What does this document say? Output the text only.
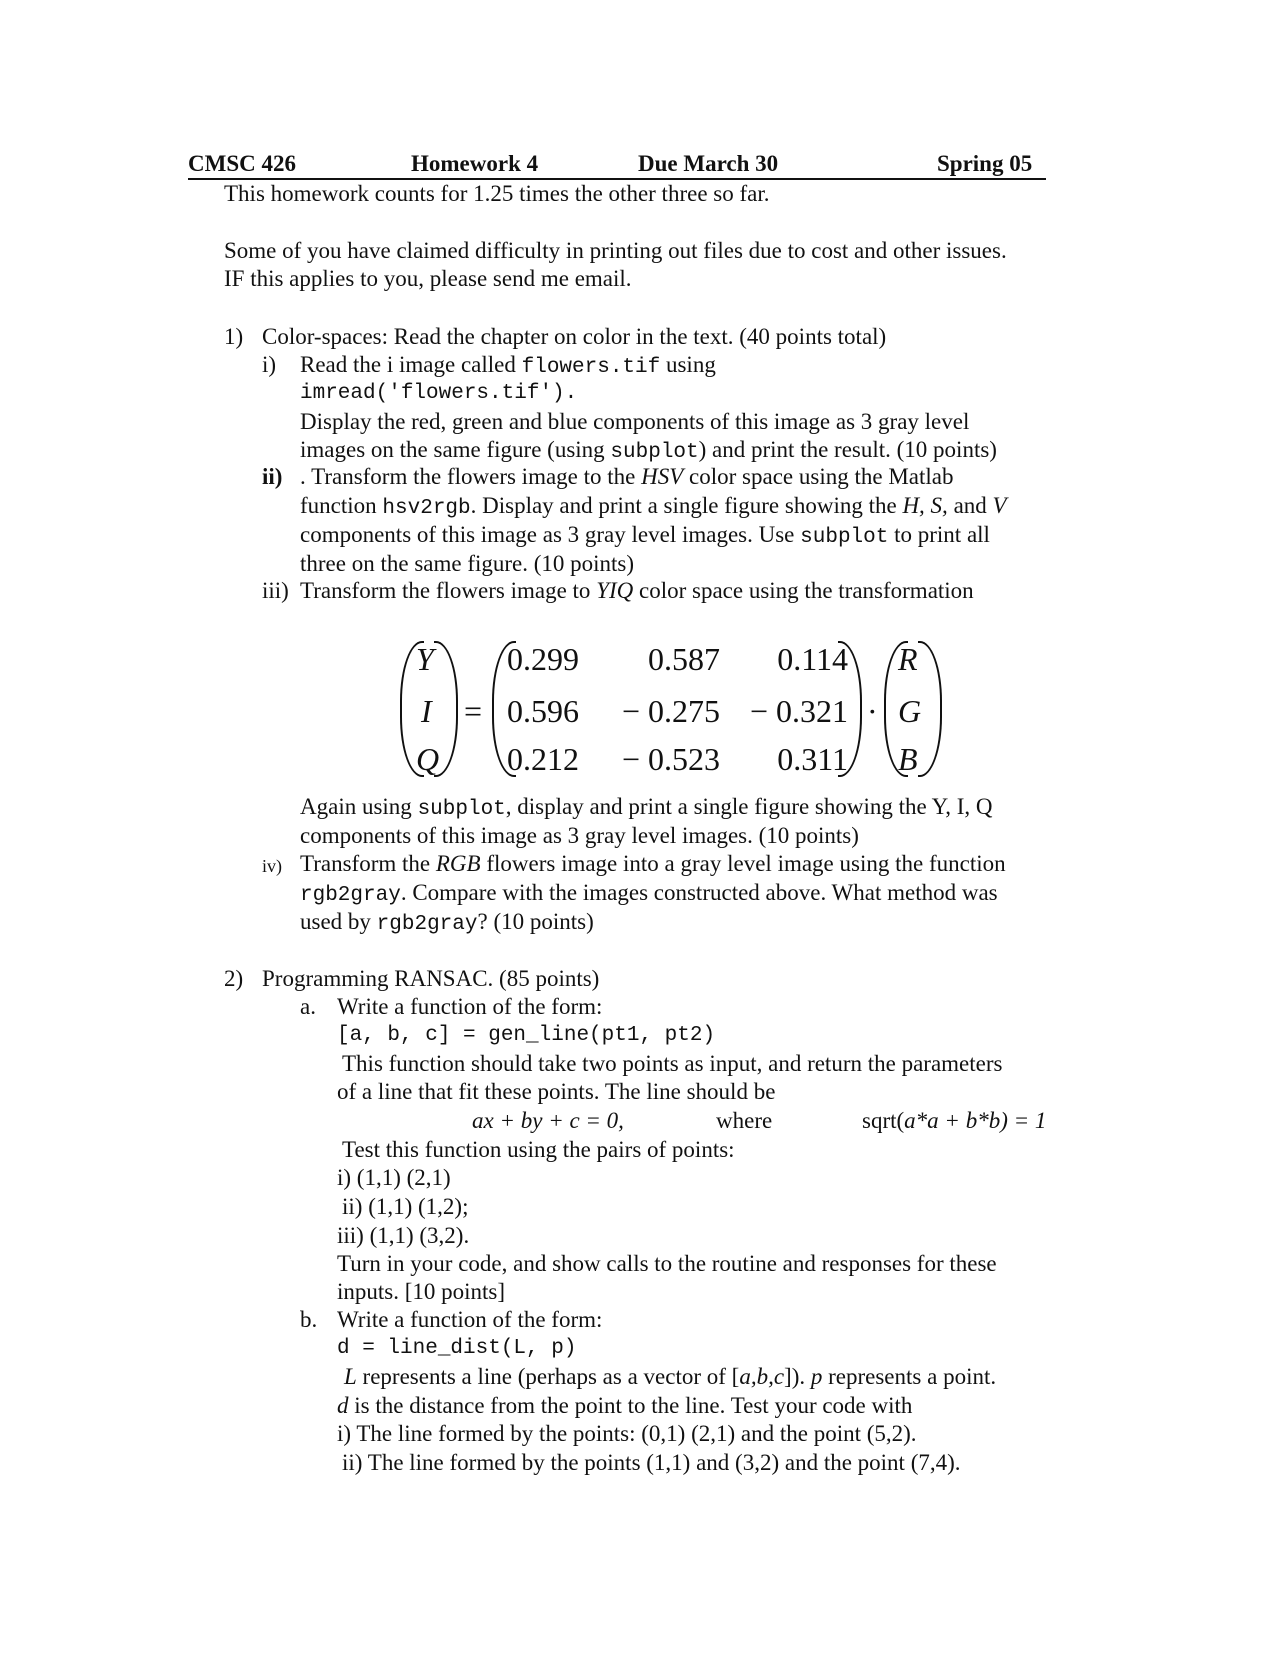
CMSC 426	Homework 4	Due March 30	Spring 05
This homework counts for 1.25 times the other three so far.
Some of you have claimed difficulty in printing out files due to cost and other issues.
IF this applies to you, please send me email.
1) Color-spaces: Read the chapter on color in the text. (40 points total)
i) Read the i image called flowers.tif using
imread('flowers.tif').
Display the red, green and blue components of this image as 3 gray level
images on the same figure (using subplot) and print the result. (10 points)
ii) . Transform the flowers image to the HSV color space using the Matlab
function hsv2rgb. Display and print a single figure showing the H, S, and V
components of this image as 3 gray level images. Use subplot to print all
three on the same figure. (10 points)
iii) Transform the flowers image to YIQ color space using the transformation
Y
I
Q
=
0.299	0.587	0.114
0.596	− 0.275 − 0.321
0.212	− 0.523	0.311
·
R
G
B
Again using subplot, display and print a single figure showing the Y, I, Q
components of this image as 3 gray level images. (10 points)
iv) Transform the RGB flowers image into a gray level image using the function
rgb2gray. Compare with the images constructed above. What method was
used by rgb2gray? (10 points)
2) Programming RANSAC. (85 points)
a. Write a function of the form:
[a, b, c] = gen_line(pt1, pt2)
This function should take two points as input, and return the parameters
of a line that fit these points. The line should be
ax + by + c = 0,	where	sqrt(a*a + b*b) = 1
Test this function using the pairs of points:
i) (1,1) (2,1)
ii) (1,1) (1,2);
iii) (1,1) (3,2).
Turn in your code, and show calls to the routine and responses for these
inputs. [10 points]
b. Write a function of the form:
d = line_dist(L, p)
L represents a line (perhaps as a vector of [a,b,c]). p represents a point.
d is the distance from the point to the line. Test your code with
i) The line formed by the points: (0,1) (2,1) and the point (5,2).
ii) The line formed by the points (1,1) and (3,2) and the point (7,4).
